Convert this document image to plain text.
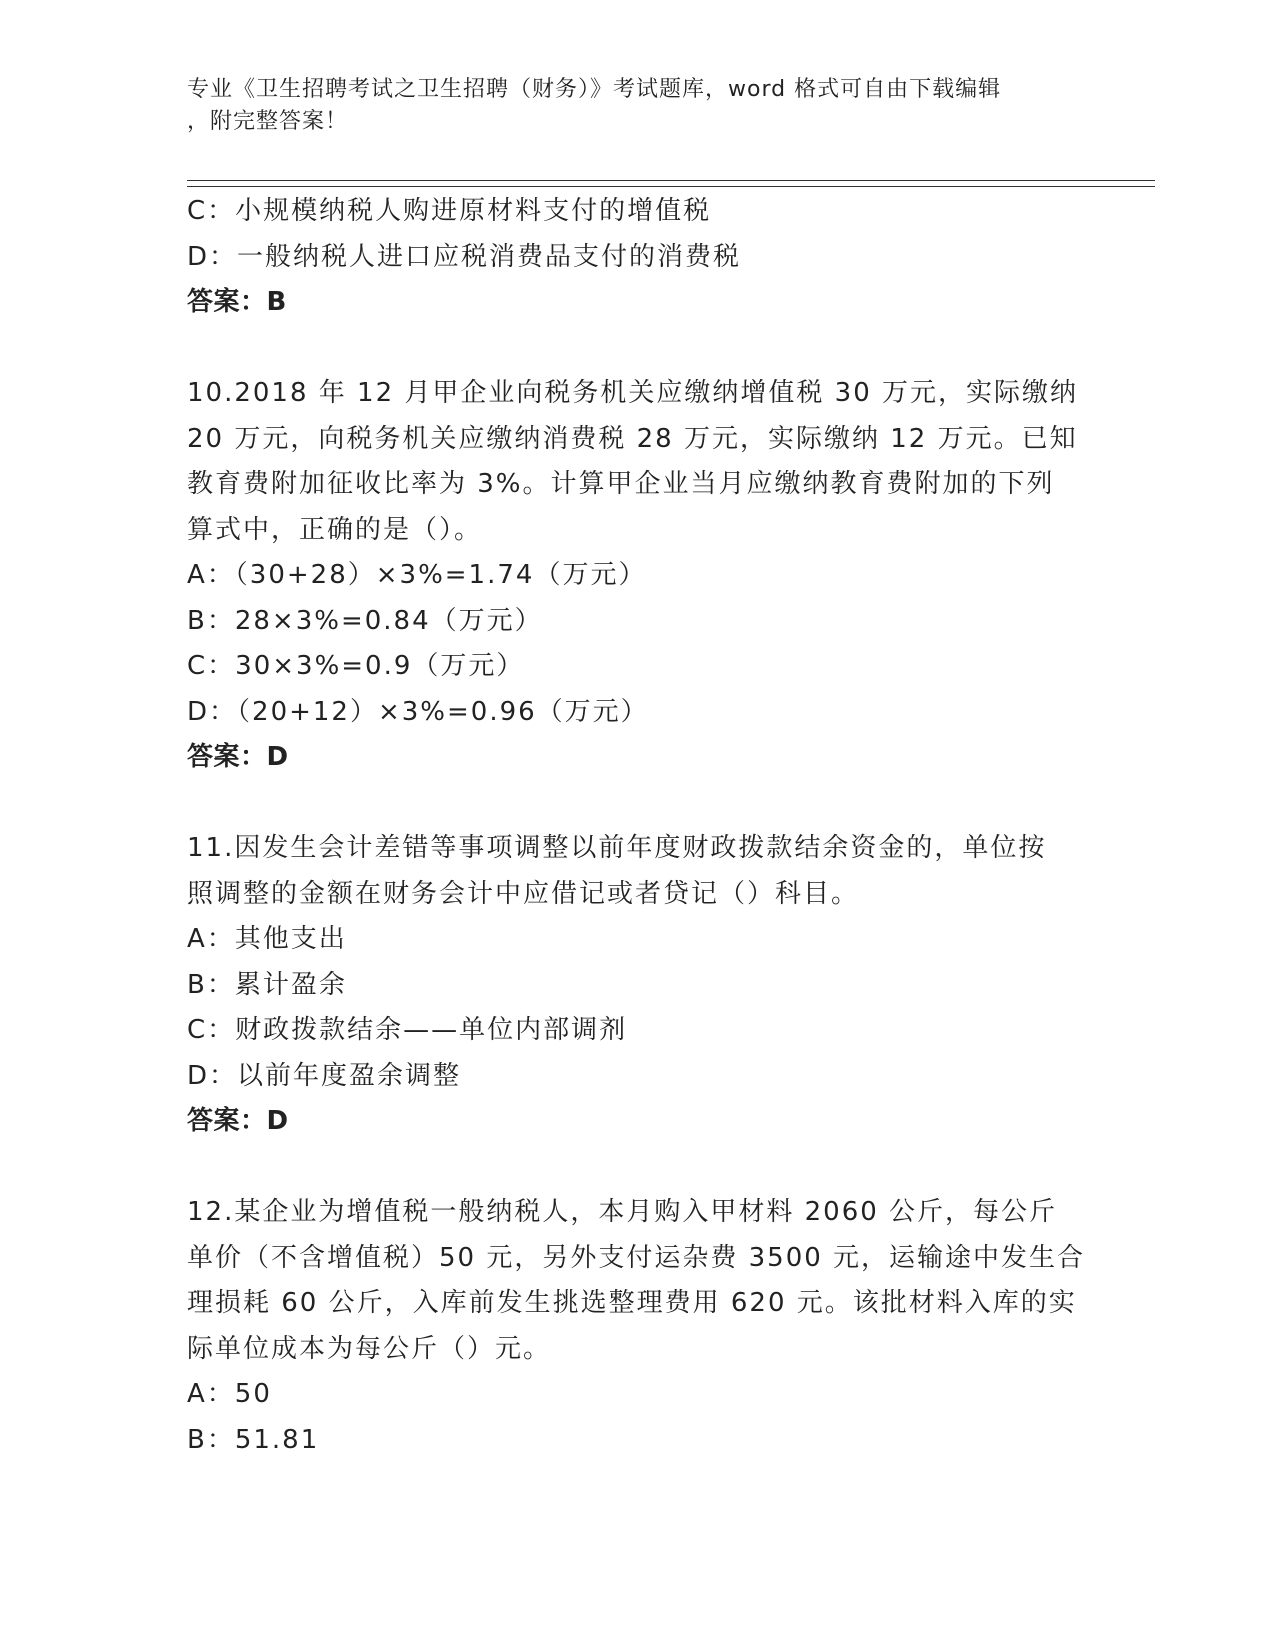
专业《卫生招聘考试之卫生招聘（财务）》考试题库，word 格式可自由下载编辑
，附完整答案！
C：小规模纳税人购进原材料支付的增值税
D：一般纳税人进口应税消费品支付的消费税
答案：B
10.2018 年 12 月甲企业向税务机关应缴纳增值税 30 万元，实际缴纳
20 万元，向税务机关应缴纳消费税 28 万元，实际缴纳 12 万元。已知
教育费附加征收比率为 3%。计算甲企业当月应缴纳教育费附加的下列
算式中，正确的是（）。
A：（30+28）×3%=1.74（万元）
B：28×3%=0.84（万元）
C：30×3%=0.9（万元）
D：（20+12）×3%=0.96（万元）
答案：D
11.因发生会计差错等事项调整以前年度财政拨款结余资金的，单位按
照调整的金额在财务会计中应借记或者贷记（）科目。
A：其他支出
B：累计盈余
C：财政拨款结余——单位内部调剂
D：以前年度盈余调整
答案：D
12.某企业为增值税一般纳税人，本月购入甲材料 2060 公斤，每公斤
单价（不含增值税）50 元，另外支付运杂费 3500 元，运输途中发生合
理损耗 60 公斤，入库前发生挑选整理费用 620 元。该批材料入库的实
际单位成本为每公斤（）元。
A：50
B：51.81
